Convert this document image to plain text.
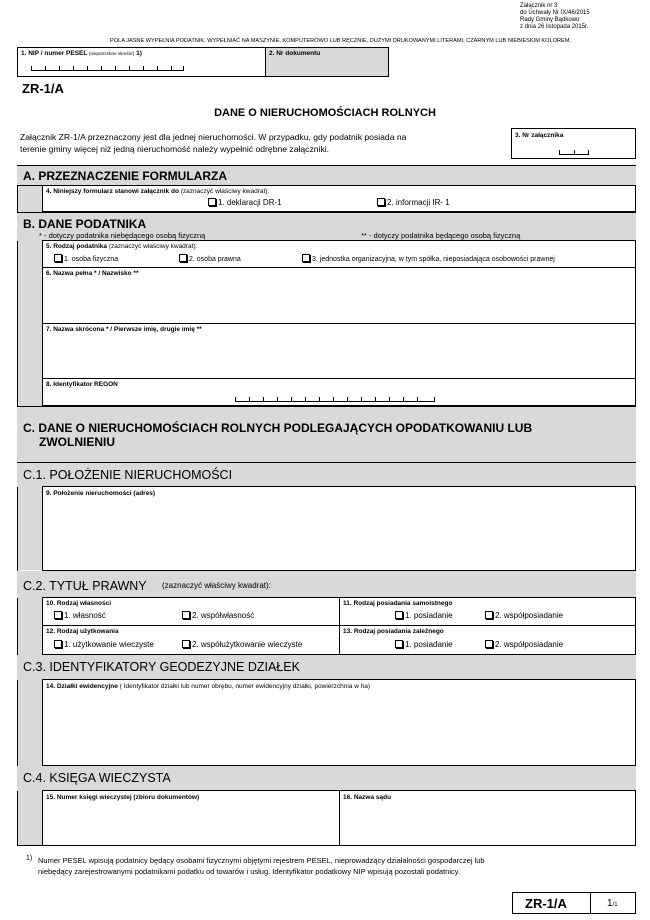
Załącznik nr 3
do Uchwały Nr IX/46/2015
Rady Gminy Bądkowo
z dnia 26 listopada 2015r.
POLA JASNE WYPEŁNIA PODATNIK. WYPEŁNIAĆ NA MASZYNIE, KOMPUTEROWO LUB RĘCZNIE, DUŻYMI DRUKOWANYMI LITERAMI, CZARNYM LUB NIEBIESKIM KOLOREM.
1. NIP / numer PESEL (niepotrzebne skreślić) 1)	2. Nr dokumentu
ZR-1/A
DANE O NIERUCHOMOŚCIACH ROLNYCH
Załącznik ZR-1/A przeznaczony jest dla jednej nieruchomości. W przypadku, gdy podatnik posiada na
terenie gminy więcej niż jedną nieruchomość należy wypełnić odrębne załączniki.
3. Nr załącznika
A. PRZEZNACZENIE FORMULARZA
4. Niniejszy formularz stanowi załącznik do (zaznaczyć właściwy kwadrat):
1. deklaracji DR-1	2. informacji IR- 1
B. DANE PODATNIKA
* - dotyczy podatnika niebędącego osobą fizyczną	** - dotyczy podatnika będącego osobą fizyczną
5. Rodzaj podatnika (zaznaczyć właściwy kwadrat):
1. osoba fizyczna	2. osoba prawna	3. jednostka organizacyjna, w tym spółka, nieposiadająca osobowości prawnej
6. Nazwa pełna * / Nazwisko **
7. Nazwa skrócona * / Pierwsze imię, drugie imię **
8. Identyfikator REGON
C. DANE O NIERUCHOMOŚCIACH ROLNYCH PODLEGAJĄCYCH OPODATKOWANIU LUB
ZWOLNIENIU
C.1. POŁOŻENIE NIERUCHOMOŚCI
9. Położenie nieruchomości (adres)
C.2. TYTUŁ PRAWNY (zaznaczyć właściwy kwadrat):
10. Rodzaj własności
1. własność	2. współwłasność
11. Rodzaj posiadania samoistnego
1. posiadanie	2. współposiadanie
12. Rodzaj użytkowania
1. użytkowanie wieczyste	2. współużytkowanie wieczyste
13. Rodzaj posiadania zależnego
1. posiadanie	2. współposiadanie
C.3. IDENTYFIKATORY GEODEZYJNE DZIAŁEK
14. Działki ewidencyjne ( Identyfikator działki lub numer obrębu, numer ewidencyjny działki, powierzchnia w ha)
C.4. KSIĘGA WIECZYSTA
15. Numer księgi wieczystej (zbioru dokumentów)	16. Nazwa sądu
1) Numer PESEL wpisują podatnicy będący osobami fizycznymi objętymi rejestrem PESEL, nieprowadzący działalności gospodarczej lub
niebędący zarejestrowanymi podatnikami podatku od towarów i usług. Identyfikator podatkowy NIP wpisują pozostali podatnicy.
ZR-1/A	1/1
